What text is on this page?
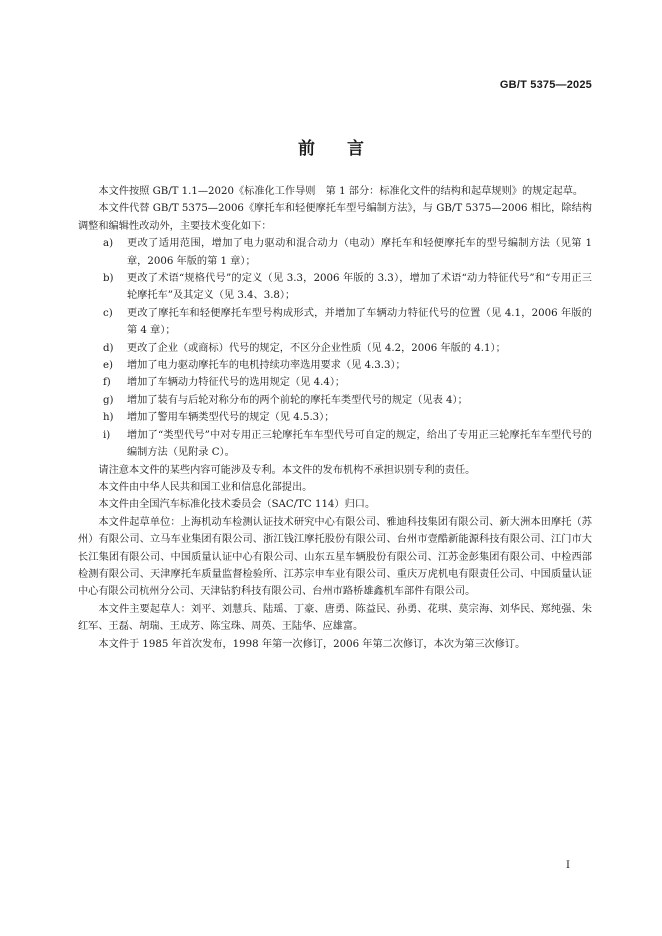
GB/T 5375—2025
前言

本文件按照 GB/T 1.1—2020《标准化工作导则　第 1 部分：标准化文件的结构和起草规则》的规定起草。

本文件代替 GB/T 5375—2006《摩托车和轻便摩托车型号编制方法》，与 GB/T 5375—2006 相比，除结构调整和编辑性改动外，主要技术变化如下：

a)	更改了适用范围，增加了电力驱动和混合动力（电动）摩托车和轻便摩托车的型号编制方法（见第 1 章，2006 年版的第 1 章）；
b)	更改了术语“规格代号”的定义（见 3.3，2006 年版的 3.3），增加了术语“动力特征代号”和“专用正三轮摩托车”及其定义（见 3.4、3.8）；
c)	更改了摩托车和轻便摩托车型号构成形式，并增加了车辆动力特征代号的位置（见 4.1，2006 年版的第 4 章）；
d)	更改了企业（或商标）代号的规定，不区分企业性质（见 4.2，2006 年版的 4.1）；
e)	增加了电力驱动摩托车的电机持续功率选用要求（见 4.3.3）；
f)	增加了车辆动力特征代号的选用规定（见 4.4）；
g)	增加了装有与后轮对称分布的两个前轮的摩托车类型代号的规定（见表 4）；
h)	增加了警用车辆类型代号的规定（见 4.5.3）；
i)	增加了“类型代号”中对专用正三轮摩托车车型代号可自定的规定，给出了专用正三轮摩托车车型代号的编制方法（见附录 C）。

请注意本文件的某些内容可能涉及专利。本文件的发布机构不承担识别专利的责任。

本文件由中华人民共和国工业和信息化部提出。

本文件由全国汽车标准化技术委员会（SAC/TC 114）归口。

本文件起草单位：上海机动车检测认证技术研究中心有限公司、雅迪科技集团有限公司、新大洲本田摩托（苏州）有限公司、立马车业集团有限公司、浙江钱江摩托股份有限公司、台州市壹酷新能源科技有限公司、江门市大长江集团有限公司、中国质量认证中心有限公司、山东五星车辆股份有限公司、江苏金彭集团有限公司、中检西部检测有限公司、天津摩托车质量监督检验所、江苏宗申车业有限公司、重庆万虎机电有限责任公司、中国质量认证中心有限公司杭州分公司、天津钻豹科技有限公司、台州市路桥雄鑫机车部件有限公司。

本文件主要起草人：刘平、刘慧兵、陆瑶、丁豪、唐勇、陈益民、孙勇、花琪、莫宗海、刘华民、郑纯强、朱红军、王磊、胡瑞、王成芳、陈宝珠、周英、王陆华、应雄富。

本文件于 1985 年首次发布，1998 年第一次修订，2006 年第二次修订，本次为第三次修订。

I
